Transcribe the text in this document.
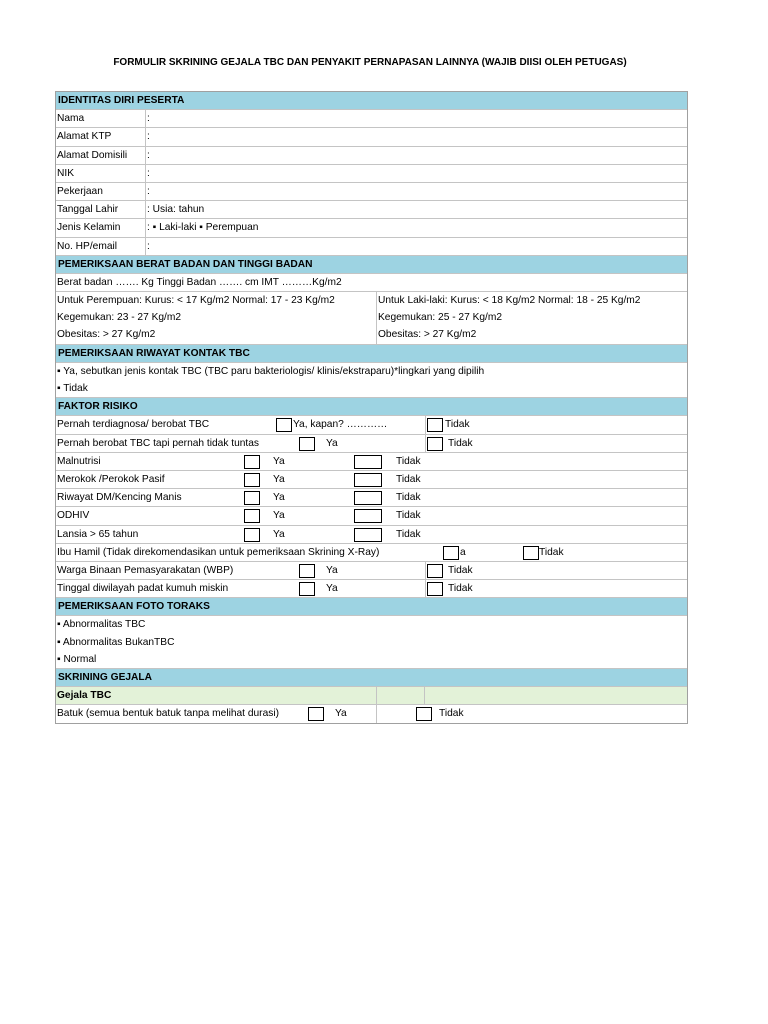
FORMULIR SKRINING GEJALA TBC DAN PENYAKIT PERNAPASAN LAINNYA (WAJIB DIISI OLEH PETUGAS)
IDENTITAS DIRI PESERTA
Nama	:
Alamat KTP	:
Alamat Domisili	:
NIK	:
Pekerjaan	:
Tanggal Lahir	: Usia: tahun
Jenis Kelamin	: ▪ Laki-laki ▪ Perempuan
No. HP/email	:
PEMERIKSAAN BERAT BADAN DAN TINGGI BADAN
Berat badan ……. Kg Tinggi Badan ……. cm IMT ………Kg/m2
Untuk Perempuan: Kurus: < 17 Kg/m2 Normal: 17 - 23 Kg/m2	Untuk Laki-laki: Kurus: < 18 Kg/m2 Normal: 18 - 25 Kg/m2
Kegemukan: 23 - 27 Kg/m2	Kegemukan: 25 - 27 Kg/m2
Obesitas: > 27 Kg/m2	Obesitas: > 27 Kg/m2
PEMERIKSAAN RIWAYAT KONTAK TBC
▪ Ya, sebutkan jenis kontak TBC (TBC paru bakteriologis/ klinis/ekstraparu)*lingkari yang dipilih
▪ Tidak
FAKTOR RISIKO
Pernah terdiagnosa/ berobat TBC	Ya, kapan? …………	Tidak
Pernah berobat TBC tapi pernah tidak tuntas	Ya	Tidak
Malnutrisi	Ya	Tidak
Merokok /Perokok Pasif	Ya	Tidak
Riwayat DM/Kencing Manis	Ya	Tidak
ODHIV	Ya	Tidak
Lansia > 65 tahun	Ya	Tidak
Ibu Hamil (Tidak direkomendasikan untuk pemeriksaan Skrining X-Ray)	a	Tidak
Warga Binaan Pemasyarakatan (WBP)	Ya	Tidak
Tinggal diwilayah padat kumuh miskin	Ya	Tidak
PEMERIKSAAN FOTO TORAKS
▪ Abnormalitas TBC
▪ Abnormalitas BukanTBC
▪ Normal
SKRINING GEJALA
Gejala TBC
Batuk (semua bentuk batuk tanpa melihat durasi)	Ya	Tidak
